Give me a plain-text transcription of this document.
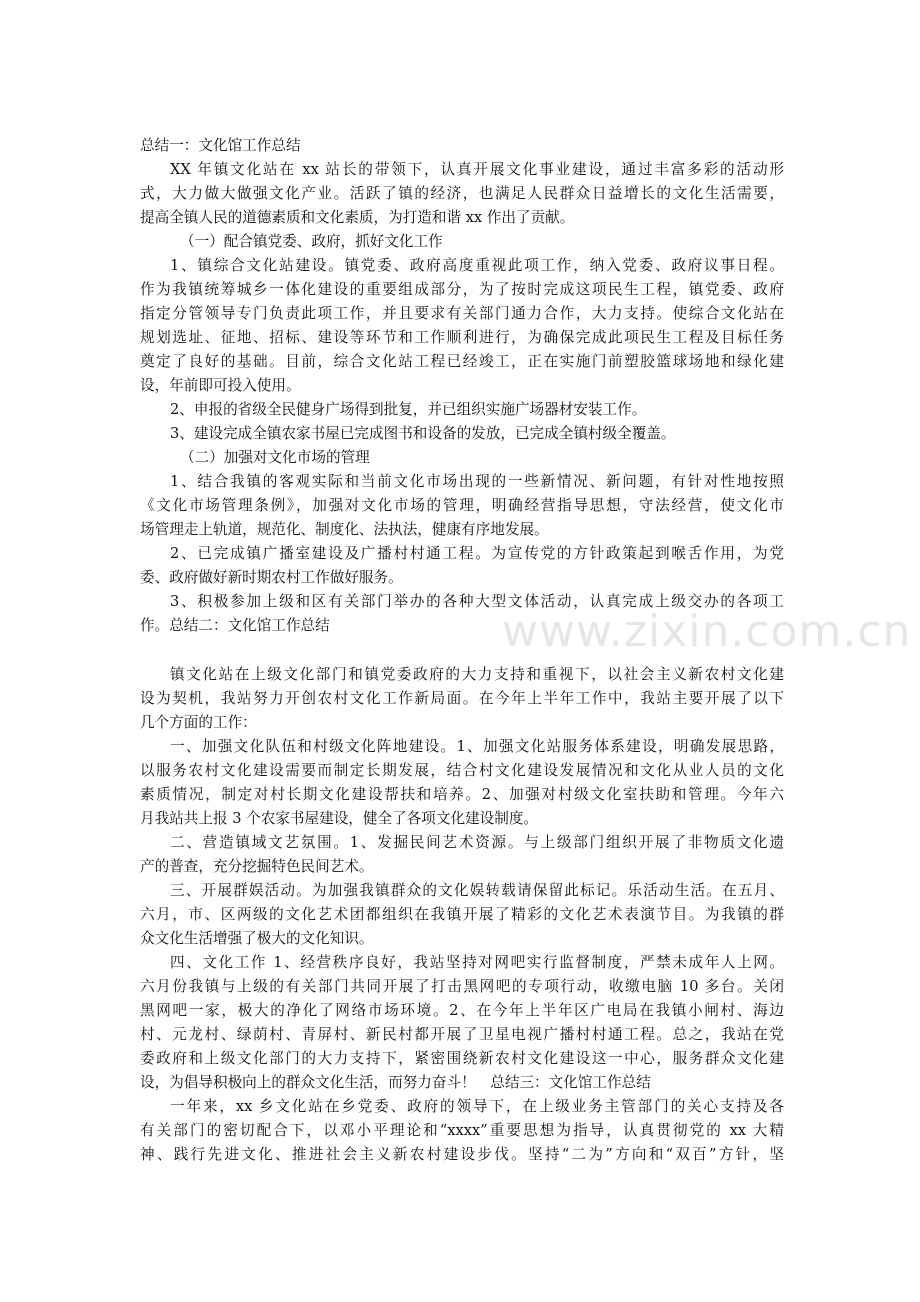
总结一：文化馆工作总结
XX 年镇文化站在 xx 站长的带领下，认真开展文化事业建设，通过丰富多彩的活动形
式，大力做大做强文化产业。活跃了镇的经济，也满足人民群众日益增长的文化生活需要，
提高全镇人民的道德素质和文化素质，为打造和谐 xx 作出了贡献。
（一）配合镇党委、政府，抓好文化工作
1、镇综合文化站建设。镇党委、政府高度重视此项工作，纳入党委、政府议事日程。
作为我镇统筹城乡一体化建设的重要组成部分，为了按时完成这项民生工程，镇党委、政府
指定分管领导专门负责此项工作，并且要求有关部门通力合作，大力支持。使综合文化站在
规划选址、征地、招标、建设等环节和工作顺利进行，为确保完成此项民生工程及目标任务
奠定了良好的基础。目前，综合文化站工程已经竣工，正在实施门前塑胶篮球场地和绿化建
设，年前即可投入使用。
2、申报的省级全民健身广场得到批复，并已组织实施广场器材安装工作。
3、建设完成全镇农家书屋已完成图书和设备的发放，已完成全镇村级全覆盖。
（二）加强对文化市场的管理
1、结合我镇的客观实际和当前文化市场出现的一些新情况、新问题，有针对性地按照
《文化市场管理条例》，加强对文化市场的管理，明确经营指导思想，守法经营，使文化市
场管理走上轨道，规范化、制度化、法执法，健康有序地发展。
2、已完成镇广播室建设及广播村村通工程。为宣传党的方针政策起到喉舌作用，为党
委、政府做好新时期农村工作做好服务。
3、积极参加上级和区有关部门举办的各种大型文体活动，认真完成上级交办的各项工
作。总结二：文化馆工作总结
镇文化站在上级文化部门和镇党委政府的大力支持和重视下，以社会主义新农村文化建
设为契机，我站努力开创农村文化工作新局面。在今年上半年工作中，我站主要开展了以下
几个方面的工作：
一、加强文化队伍和村级文化阵地建设。1、加强文化站服务体系建设，明确发展思路，
以服务农村文化建设需要而制定长期发展，结合村文化建设发展情况和文化从业人员的文化
素质情况，制定对村长期文化建设帮扶和培养。2、加强对村级文化室扶助和管理。今年六
月我站共上报 3 个农家书屋建设，健全了各项文化建设制度。
二、营造镇域文艺氛围。1、发掘民间艺术资源。与上级部门组织开展了非物质文化遗
产的普查，充分挖掘特色民间艺术。
三、开展群娱活动。为加强我镇群众的文化娱转载请保留此标记。乐活动生活。在五月、
六月，市、区两级的文化艺术团都组织在我镇开展了精彩的文化艺术表演节目。为我镇的群
众文化生活增强了极大的文化知识。
四、文化工作 1、经营秩序良好，我站坚持对网吧实行监督制度，严禁未成年人上网。
六月份我镇与上级的有关部门共同开展了打击黑网吧的专项行动，收缴电脑 10 多台。关闭
黑网吧一家，极大的净化了网络市场环境。2、在今年上半年区广电局在我镇小闸村、海边
村、元龙村、绿荫村、青屏村、新民村都开展了卫星电视广播村村通工程。总之，我站在党
委政府和上级文化部门的大力支持下，紧密围绕新农村文化建设这一中心，服务群众文化建
设，为倡导积极向上的群众文化生活，而努力奋斗！　总结三：文化馆工作总结
一年来，xx 乡文化站在乡党委、政府的领导下，在上级业务主管部门的关心支持及各
有关部门的密切配合下，以邓小平理论和“xxxx”重要思想为指导，认真贯彻党的 xx 大精
神、践行先进文化、推进社会主义新农村建设步伐。坚持“二为”方向和“双百”方针，坚
www.zixin.com.cn
